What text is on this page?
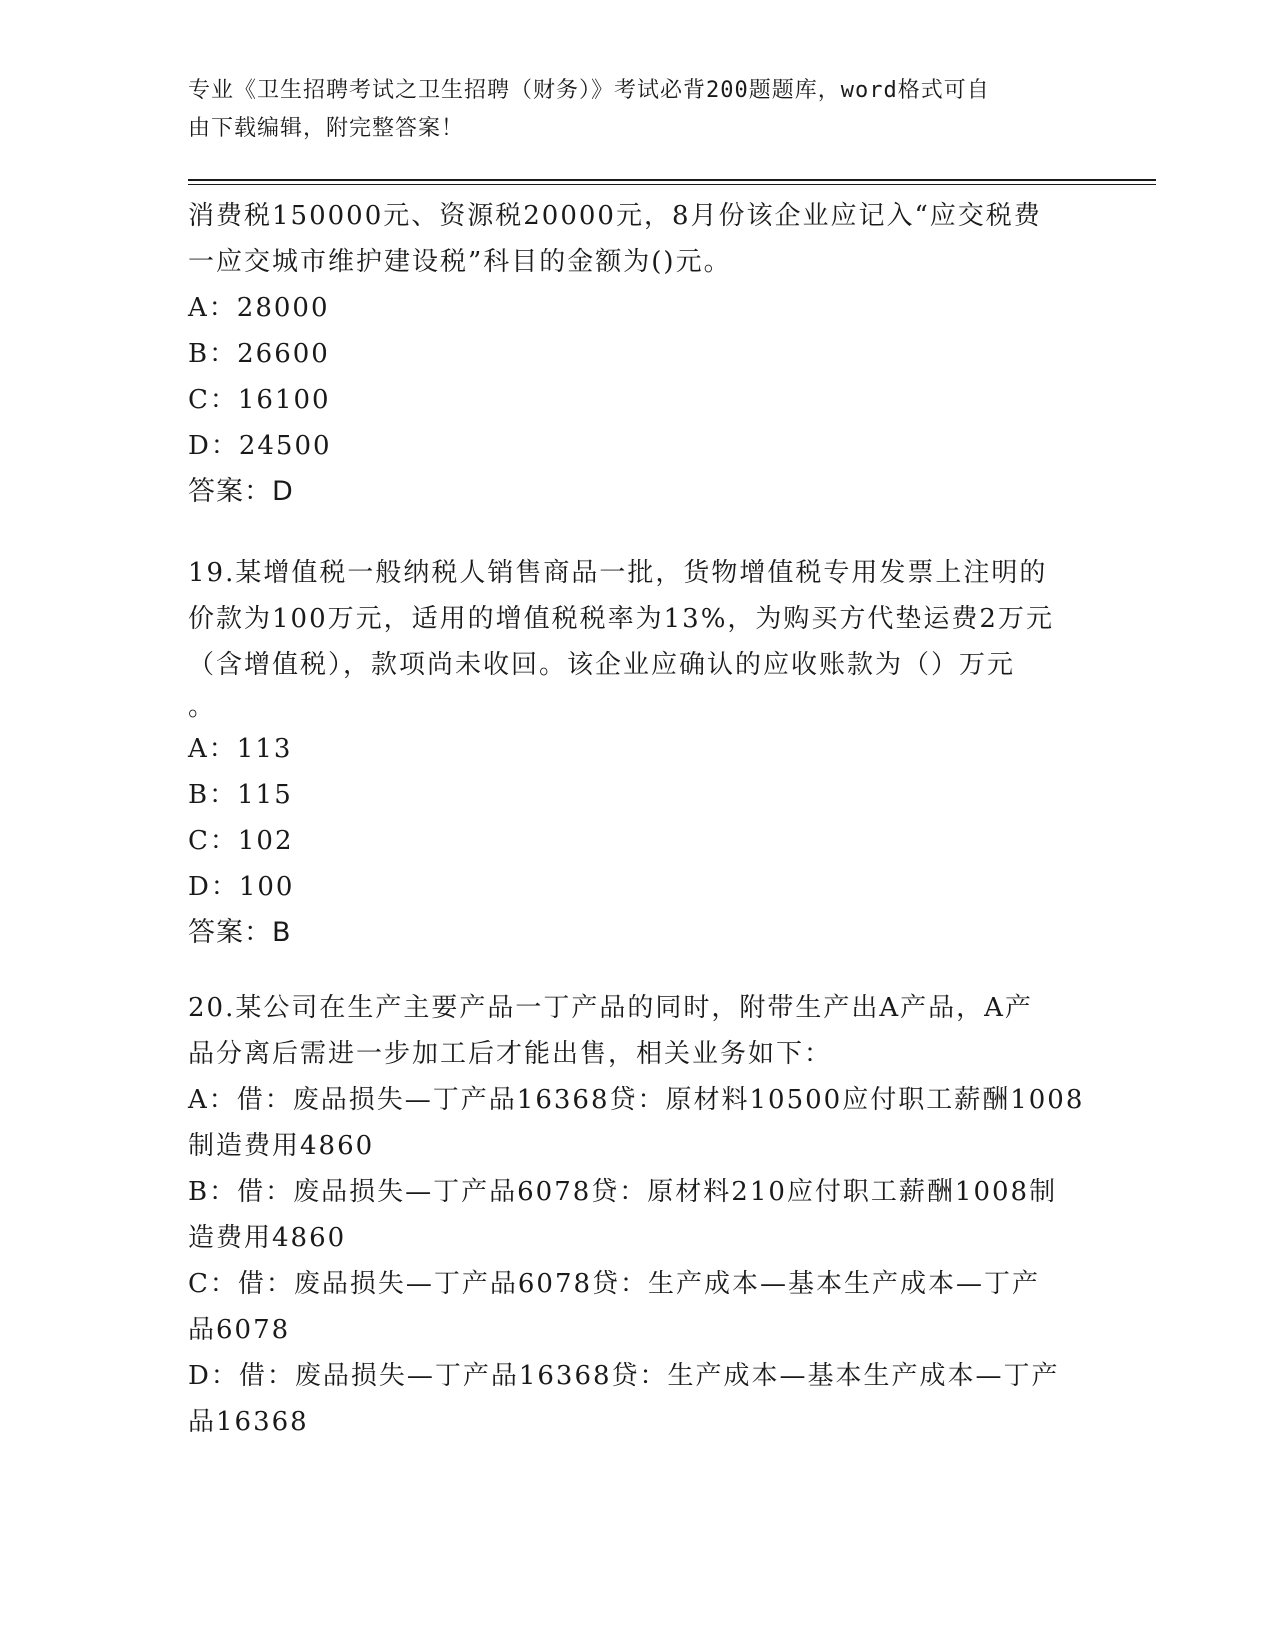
专业《卫生招聘考试之卫生招聘（财务）》考试必背200题题库，word格式可自
由下载编辑，附完整答案！
消费税150000元、资源税20000元，8月份该企业应记入“应交税费
一应交城市维护建设税”科目的金额为()元。
A：28000
B：26600
C：16100
D：24500
答案：D
19.某增值税一般纳税人销售商品一批，货物增值税专用发票上注明的
价款为100万元，适用的增值税税率为13%，为购买方代垫运费2万元
（含增值税），款项尚未收回。该企业应确认的应收账款为（）万元
。
A：113
B：115
C：102
D：100
答案：B
20.某公司在生产主要产品一丁产品的同时，附带生产出A产品，A产
品分离后需进一步加工后才能出售，相关业务如下：
A：借：废品损失—丁产品16368贷：原材料10500应付职工薪酬1008
制造费用4860
B：借：废品损失—丁产品6078贷：原材料210应付职工薪酬1008制
造费用4860
C：借：废品损失—丁产品6078贷：生产成本—基本生产成本—丁产
品6078
D：借：废品损失—丁产品16368贷：生产成本—基本生产成本—丁产
品16368
